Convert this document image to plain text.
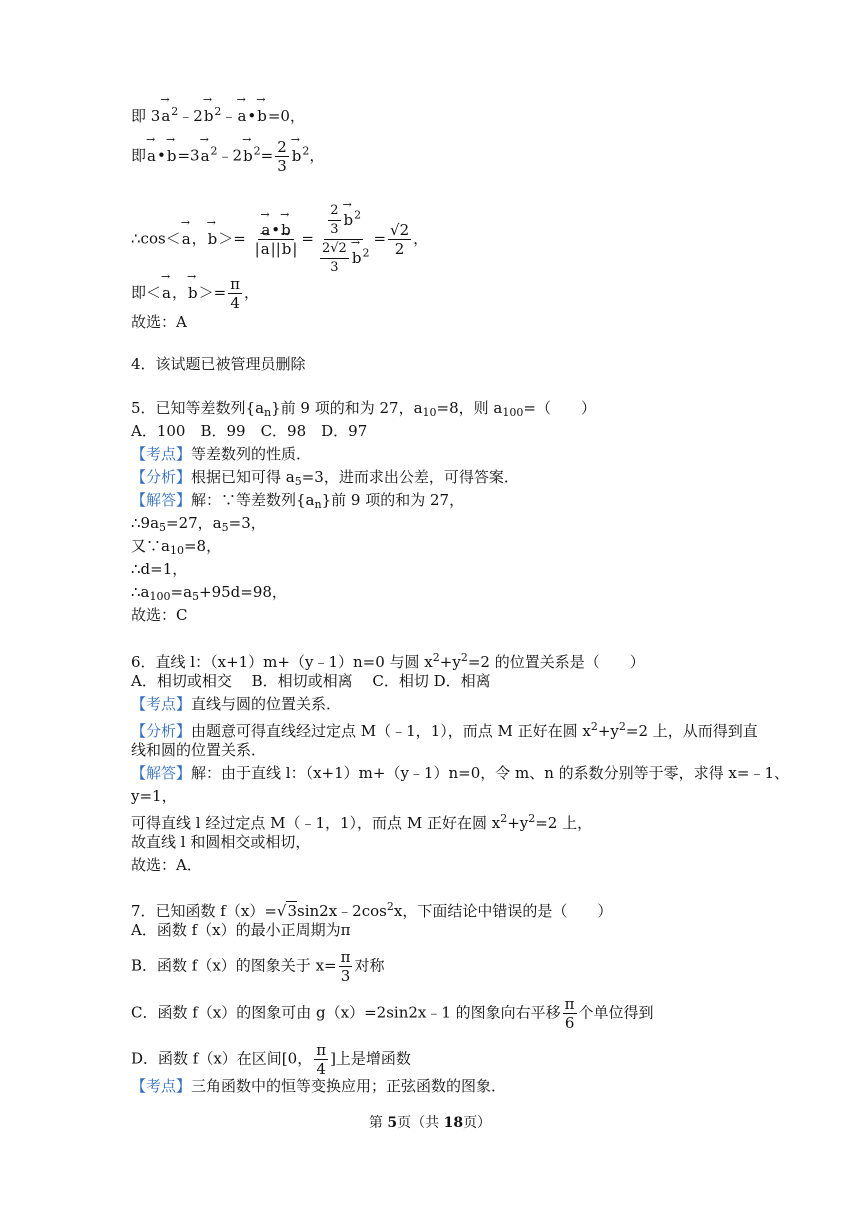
即 $3\to a^2﹣2\to$ $b^2﹣\to$ a•→ b=0，
即→ a•→ $b=3\to a^2﹣2\to b^2= \frac{2}{3}$
→ $b^2$，
∴cos＜→ a，→ b＞=
→ $\frac{a•\to b}{|\to a||\to b|} = \frac{2}{3}$
→ $b^2$
$\frac{2√2}{3}$
→ $b^2 = \frac{√2}{2}$ ，
即＜→ a，→ $b>= \frac{\pi}{4}$ ，
故选：A
4．该试题已被管理员删除
5．已知等差数列$\{a_n\}$前 9 项的和为 27，$a_{10}=8$，则 $a_{100}=$（　　）
A．100　B．99　C．98　D．97
【考点】等差数列的性质．
【分析】根据已知可得 $a_5=3$，进而求出公差，可得答案．
【解答】解：∵等差数列$\{a_n\}$前 9 项的和为 27，
$\therefore 9a_5=27$，$a_5=3$，
又$\because a_{10}=8$，
∴d=1，
$\therefore a_{100}=a_5+95d=98$，
故选：C
6．直线 l：（x+1）m+（y﹣1）n=0 与圆 $x^2+y^2=2$ 的位置关系是（　　）
A．相切或相交　 B．相切或相离　 C．相切 D．相离
【考点】直线与圆的位置关系．
【分析】由题意可得直线经过定点 M（﹣1，1），而点 M 正好在圆 $x^2+y^2=2$ 上，从而得到直
线和圆的位置关系．
【解答】解：由于直线 l：（x+1）m+（y﹣1）n=0，令 m、n 的系数分别等于零，求得 x=﹣1、
y=1，
可得直线 l 经过定点 M（﹣1，1），而点 M 正好在圆 $x^2+y^2=2$ 上，
故直线 l 和圆相交或相切，
故选：A．
7．已知函数 $f(x)=√3\sin 2x﹣2\cos^2x$，下面结论中错误的是（　　）
A．函数 f（x）的最小正周期为π
B．函数 f（x）的图象关于 $x= \frac{\pi}{3}$ 对称
C．函数 f（x）的图象可由 g（x）=2sin2x﹣1 的图象向右平移 $\frac{\pi}{6}$ 个单位得到
D．函数 f（x）在区间[0， $\frac{\pi}{4}$ ]上是增函数
【考点】三角函数中的恒等变换应用；正弦函数的图象．
第 5页（共 18页）
